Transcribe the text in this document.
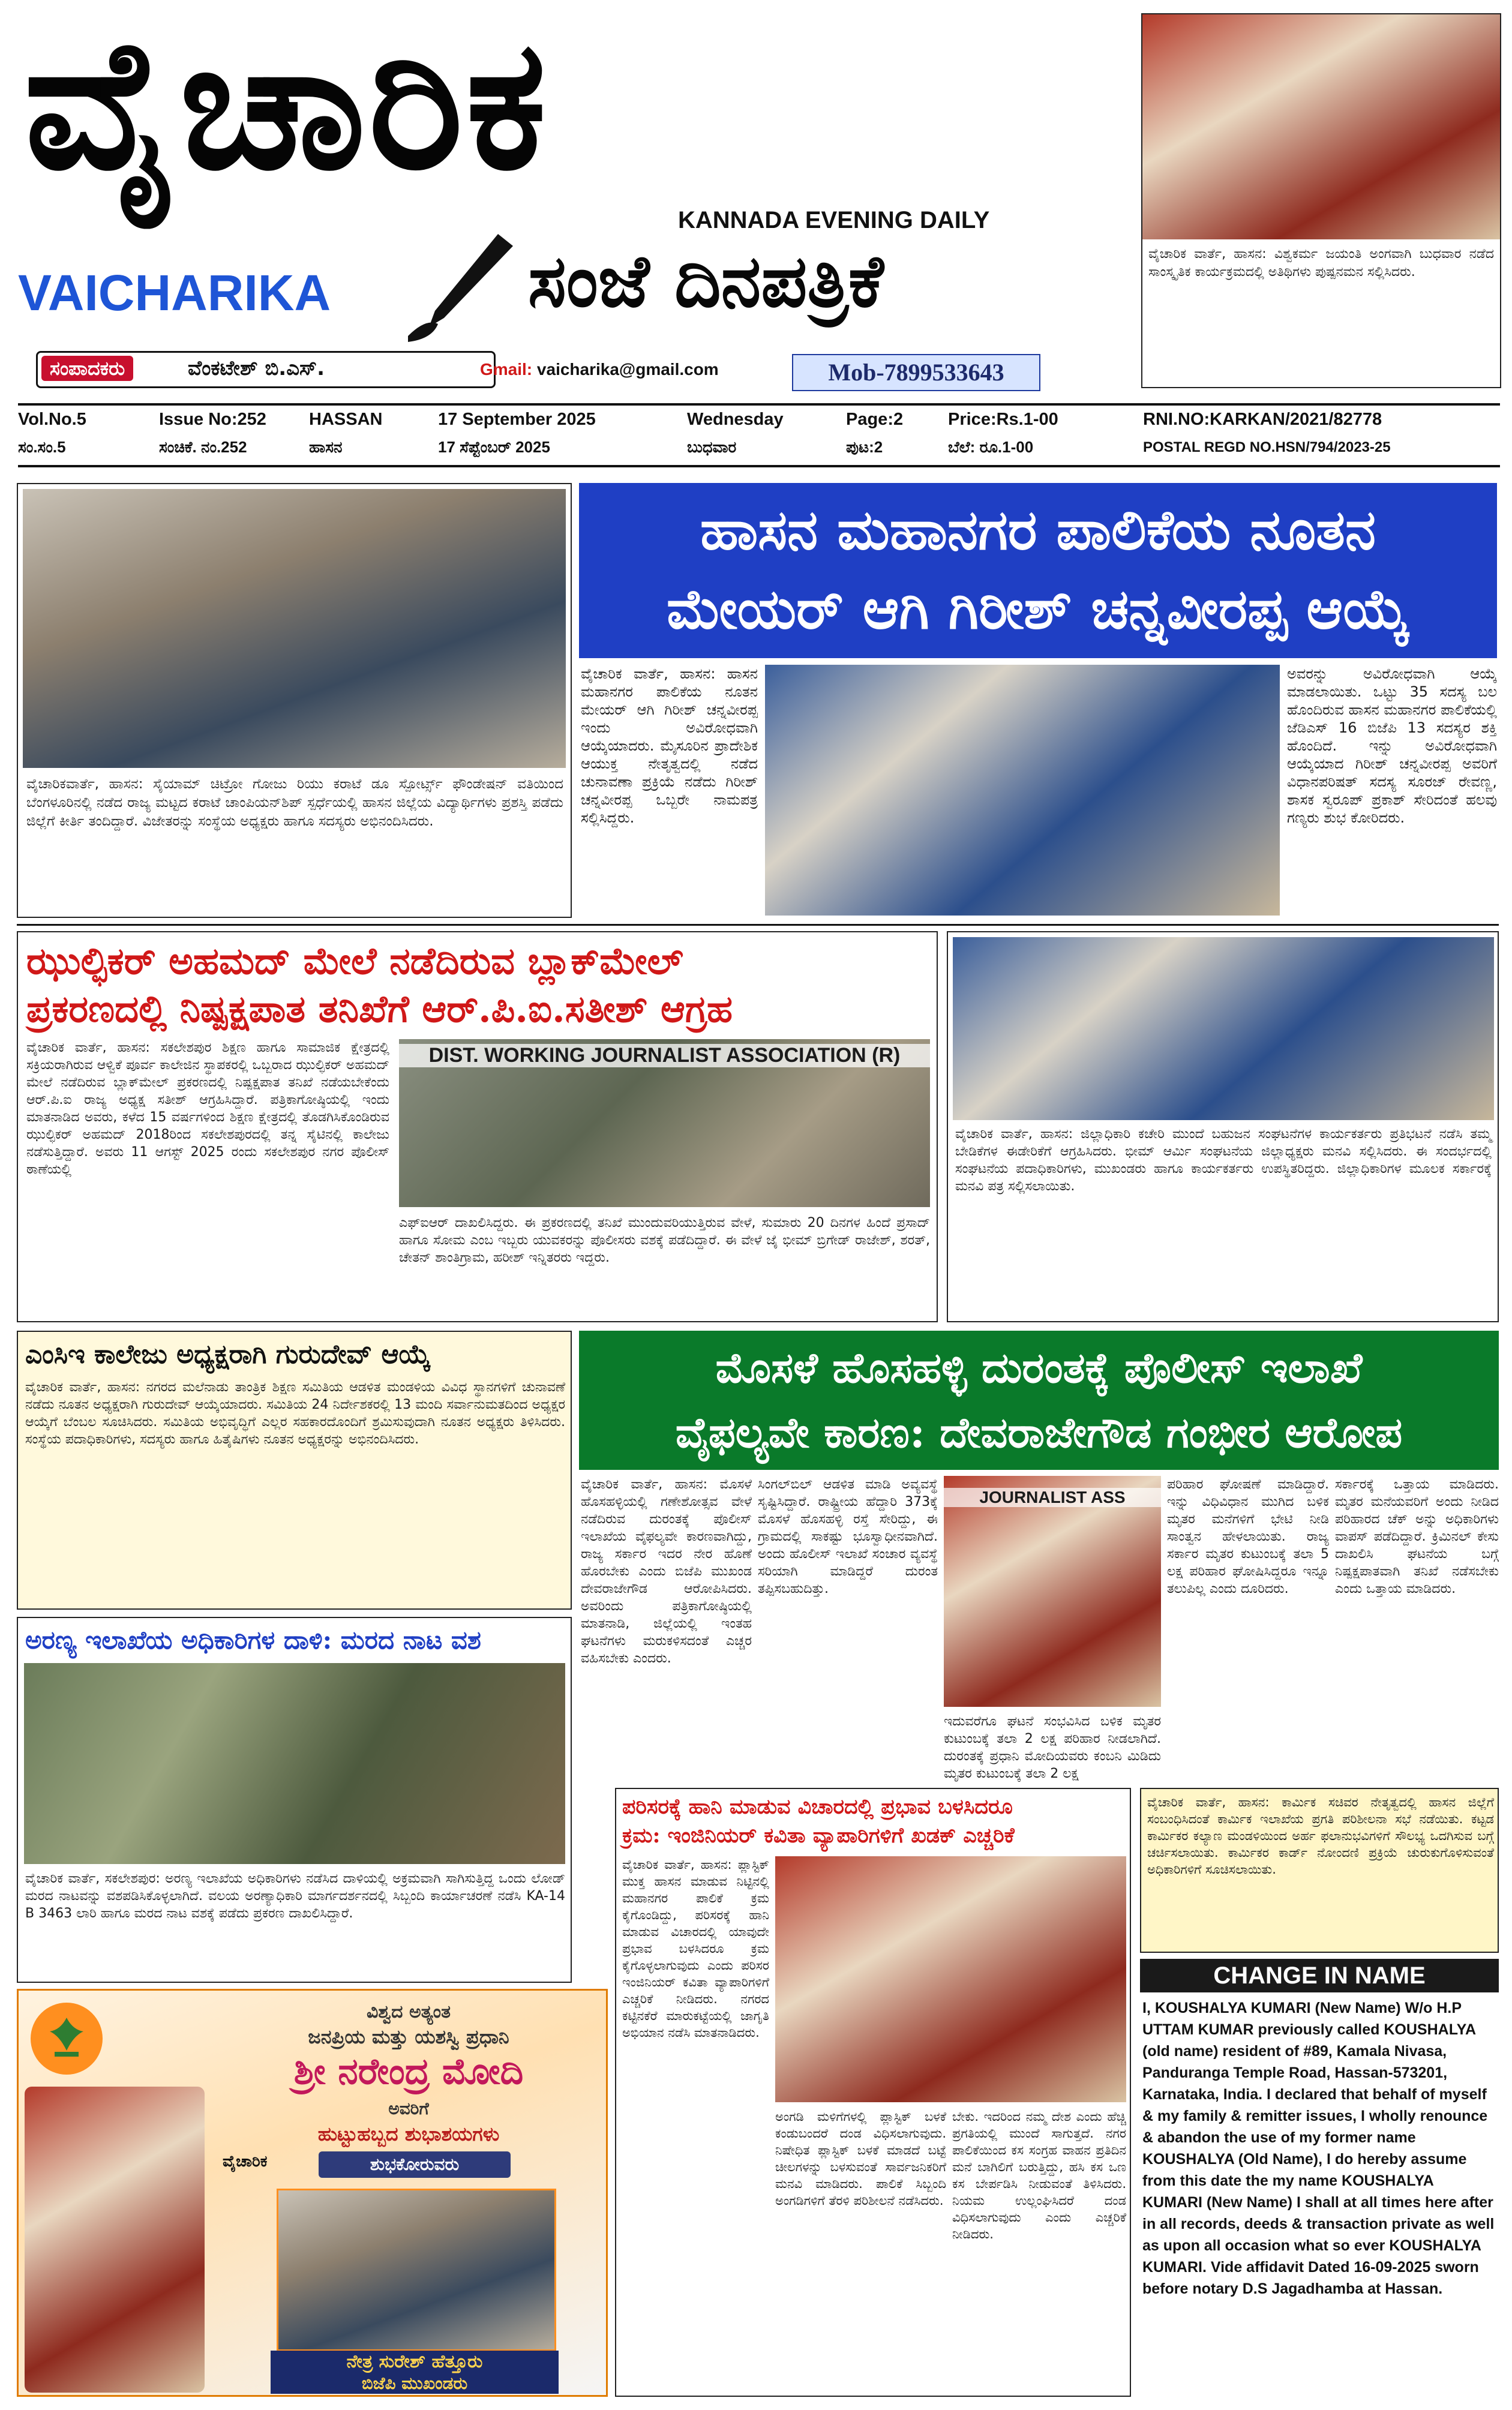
ವೈಚಾರಿಕ
KANNADA EVENING DAILY
VAICHARIKA	ಸಂಜೆ ದಿನಪತ್ರಿಕೆ
ಸಂಪಾದಕರು	ವೆಂಕಟೇಶ್ ಬಿ.ಎಸ್.	Gmail: vaicharika@gmail.com	Mob-7899533643
ವೈಚಾರಿಕ ವಾರ್ತೆ, ಹಾಸನ: ವಿಶ್ವಕರ್ಮ ಜಯಂತಿ ಅಂಗವಾಗಿ ಬುಧವಾರ ನಡೆದ ಸಾಂಸ್ಕೃತಿಕ ಕಾರ್ಯಕ್ರಮದಲ್ಲಿ ಅತಿಥಿಗಳು ಪುಷ್ಪನಮನ ಸಲ್ಲಿಸಿದರು.
Vol.No.5	Issue No:252 HASSAN	17 September 2025	Wednesday	Page:2	Price:Rs.1-00	RNI.NO:KARKAN/2021/82778
ಸಂ.ಸಂ.5	ಸಂಚಿಕೆ. ನಂ.252	ಹಾಸನ	17 ಸೆಪ್ಟೆಂಬರ್ 2025	ಬುಧವಾರ	ಪುಟ:2	ಬೆಲೆ: ರೂ.1-00	POSTAL REGD NO.HSN/794/2023-25
ವೈಚಾರಿಕವಾರ್ತೆ, ಹಾಸನ: ಸೈಯಾಮ್ ಚಿಟ್ರೋ ಗೋಜು ರಿಯು ಕರಾಟೆ ಡೂ ಸ್ಪೋರ್ಟ್ಸ್ ಫೌಂಡೇಷನ್ ವತಿಯಿಂದ ಬೆಂಗಳೂರಿನಲ್ಲಿ ನಡೆದ ರಾಜ್ಯ ಮಟ್ಟದ ಕರಾಟೆ ಚಾಂಪಿಯನ್‌ಶಿಪ್ ಸ್ಪರ್ಧೆಯಲ್ಲಿ ಹಾಸನ ಜಿಲ್ಲೆಯ ವಿದ್ಯಾರ್ಥಿಗಳು ಪ್ರಶಸ್ತಿ ಪಡೆದು ಜಿಲ್ಲೆಗೆ ಕೀರ್ತಿ ತಂದಿದ್ದಾರೆ. ವಿಜೇತರನ್ನು ಸಂಸ್ಥೆಯ ಅಧ್ಯಕ್ಷರು ಹಾಗೂ ಸದಸ್ಯರು ಅಭಿನಂದಿಸಿದರು.
ಹಾಸನ ಮಹಾನಗರ ಪಾಲಿಕೆಯ ನೂತನ
ಮೇಯರ್ ಆಗಿ ಗಿರೀಶ್ ಚನ್ನವೀರಪ್ಪ ಆಯ್ಕೆ
ವೈಚಾರಿಕ ವಾರ್ತೆ, ಹಾಸನ: ಹಾಸನ ಮಹಾನಗರ ಪಾಲಿಕೆಯ ನೂತನ ಮೇಯರ್ ಆಗಿ ಗಿರೀಶ್ ಚನ್ನವೀರಪ್ಪ ಇಂದು ಅವಿರೋಧವಾಗಿ ಆಯ್ಕೆಯಾದರು. ಮೈಸೂರಿನ ಪ್ರಾದೇಶಿಕ ಆಯುಕ್ತ ನೇತೃತ್ವದಲ್ಲಿ ನಡೆದ ಚುನಾವಣಾ ಪ್ರಕ್ರಿಯೆ ನಡೆದು ಗಿರೀಶ್ ಚನ್ನವೀರಪ್ಪ ಒಬ್ಬರೇ ನಾಮಪತ್ರ ಸಲ್ಲಿಸಿದ್ದರು.
ಅವರನ್ನು ಅವಿರೋಧವಾಗಿ ಆಯ್ಕೆ ಮಾಡಲಾಯಿತು. ಒಟ್ಟು 35 ಸದಸ್ಯ ಬಲ ಹೊಂದಿರುವ ಹಾಸನ ಮಹಾನಗರ ಪಾಲಿಕೆಯಲ್ಲಿ ಜೆಡಿಎಸ್ 16 ಬಿಜೆಪಿ 13 ಸದಸ್ಯರ ಶಕ್ತಿ ಹೊಂದಿದೆ. ಇನ್ನು ಅವಿರೋಧವಾಗಿ ಆಯ್ಕೆಯಾದ ಗಿರೀಶ್ ಚನ್ನವೀರಪ್ಪ ಅವರಿಗೆ ವಿಧಾನಪರಿಷತ್ ಸದಸ್ಯ ಸೂರಜ್ ರೇವಣ್ಣ, ಶಾಸಕ ಸ್ವರೂಪ್ ಪ್ರಕಾಶ್ ಸೇರಿದಂತೆ ಹಲವು ಗಣ್ಯರು ಶುಭ ಕೋರಿದರು.
ಝುಲ್ಫಿಕರ್ ಅಹಮದ್ ಮೇಲೆ ನಡೆದಿರುವ ಬ್ಲಾಕ್‌ಮೇಲ್
ಪ್ರಕರಣದಲ್ಲಿ ನಿಷ್ಪಕ್ಷಪಾತ ತನಿಖೆಗೆ ಆರ್.ಪಿ.ಐ.ಸತೀಶ್ ಆಗ್ರಹ
ವೈಚಾರಿಕ ವಾರ್ತೆ, ಹಾಸನ: ಸಕಲೇಶಪುರ ಶಿಕ್ಷಣ ಹಾಗೂ ಸಾಮಾಜಿಕ ಕ್ಷೇತ್ರದಲ್ಲಿ ಸಕ್ರಿಯರಾಗಿರುವ ಆಳ್ವಿಕೆ ಪೂರ್ವ ಕಾಲೇಜಿನ ಸ್ಥಾಪಕರಲ್ಲಿ ಒಬ್ಬರಾದ ಝುಲ್ಫಿಕರ್ ಅಹಮದ್ ಮೇಲೆ ನಡೆದಿರುವ ಬ್ಲಾಕ್‌ಮೇಲ್ ಪ್ರಕರಣದಲ್ಲಿ ನಿಷ್ಪಕ್ಷಪಾತ ತನಿಖೆ ನಡೆಯಬೇಕೆಂದು ಆರ್.ಪಿ.ಐ ರಾಜ್ಯ ಅಧ್ಯಕ್ಷ ಸತೀಶ್ ಆಗ್ರಹಿಸಿದ್ದಾರೆ. ಪತ್ರಿಕಾಗೋಷ್ಠಿಯಲ್ಲಿ ಇಂದು ಮಾತನಾಡಿದ ಅವರು, ಕಳೆದ 15 ವರ್ಷಗಳಿಂದ ಶಿಕ್ಷಣ ಕ್ಷೇತ್ರದಲ್ಲಿ ತೊಡಗಿಸಿಕೊಂಡಿರುವ ಝುಲ್ಫಿಕರ್ ಅಹಮದ್ 2018ರಿಂದ ಸಕಲೇಶಪುರದಲ್ಲಿ ತನ್ನ ಸೈಟಿನಲ್ಲಿ ಕಾಲೇಜು ನಡೆಸುತ್ತಿದ್ದಾರೆ. ಅವರು 11 ಆಗಸ್ಟ್ 2025 ರಂದು ಸಕಲೇಶಪುರ ನಗರ ಪೊಲೀಸ್ ಠಾಣೆಯಲ್ಲಿ
DIST. WORKING JOURNALIST ASSOCIATION (R)
ಎಫ್‌ಐಆರ್ ದಾಖಲಿಸಿದ್ದರು. ಈ ಪ್ರಕರಣದಲ್ಲಿ ತನಿಖೆ ಮುಂದುವರಿಯುತ್ತಿರುವ ವೇಳೆ, ಸುಮಾರು 20 ದಿನಗಳ ಹಿಂದೆ ಪ್ರಸಾದ್ ಹಾಗೂ ಸೋಮ ಎಂಬ ಇಬ್ಬರು ಯುವಕರನ್ನು ಪೊಲೀಸರು ವಶಕ್ಕೆ ಪಡೆದಿದ್ದಾರೆ. ಈ ವೇಳೆ ಜೈ ಭೀಮ್ ಬ್ರಿಗೇಡ್ ರಾಜೇಶ್, ಶರತ್, ಚೇತನ್ ಶಾಂತಿಗ್ರಾಮ, ಹರೀಶ್ ಇನ್ನಿತರರು ಇದ್ದರು.
ವೈಚಾರಿಕ ವಾರ್ತೆ, ಹಾಸನ: ಜಿಲ್ಲಾಧಿಕಾರಿ ಕಚೇರಿ ಮುಂದೆ ಬಹುಜನ ಸಂಘಟನೆಗಳ ಕಾರ್ಯಕರ್ತರು ಪ್ರತಿಭಟನೆ ನಡೆಸಿ ತಮ್ಮ ಬೇಡಿಕೆಗಳ ಈಡೇರಿಕೆಗೆ ಆಗ್ರಹಿಸಿದರು. ಭೀಮ್ ಆರ್ಮಿ ಸಂಘಟನೆಯ ಜಿಲ್ಲಾಧ್ಯಕ್ಷರು ಮನವಿ ಸಲ್ಲಿಸಿದರು. ಈ ಸಂದರ್ಭದಲ್ಲಿ ಸಂಘಟನೆಯ ಪದಾಧಿಕಾರಿಗಳು, ಮುಖಂಡರು ಹಾಗೂ ಕಾರ್ಯಕರ್ತರು ಉಪಸ್ಥಿತರಿದ್ದರು. ಜಿಲ್ಲಾಧಿಕಾರಿಗಳ ಮೂಲಕ ಸರ್ಕಾರಕ್ಕೆ ಮನವಿ ಪತ್ರ ಸಲ್ಲಿಸಲಾಯಿತು.
ಎಂಸಿಇ ಕಾಲೇಜು ಅಧ್ಯಕ್ಷರಾಗಿ ಗುರುದೇವ್ ಆಯ್ಕೆ
ವೈಚಾರಿಕ ವಾರ್ತೆ, ಹಾಸನ: ನಗರದ ಮಲೆನಾಡು ತಾಂತ್ರಿಕ ಶಿಕ್ಷಣ ಸಮಿತಿಯ ಆಡಳಿತ ಮಂಡಳಿಯ ವಿವಿಧ ಸ್ಥಾನಗಳಿಗೆ ಚುನಾವಣೆ ನಡೆದು ನೂತನ ಅಧ್ಯಕ್ಷರಾಗಿ ಗುರುದೇವ್ ಆಯ್ಕೆಯಾದರು. ಸಮಿತಿಯ 24 ನಿರ್ದೇಶಕರಲ್ಲಿ 13 ಮಂದಿ ಸರ್ವಾನುಮತದಿಂದ ಅಧ್ಯಕ್ಷರ ಆಯ್ಕೆಗೆ ಬೆಂಬಲ ಸೂಚಿಸಿದರು. ಸಮಿತಿಯ ಅಭಿವೃದ್ಧಿಗೆ ಎಲ್ಲರ ಸಹಕಾರದೊಂದಿಗೆ ಶ್ರಮಿಸುವುದಾಗಿ ನೂತನ ಅಧ್ಯಕ್ಷರು ತಿಳಿಸಿದರು. ಸಂಸ್ಥೆಯ ಪದಾಧಿಕಾರಿಗಳು, ಸದಸ್ಯರು ಹಾಗೂ ಹಿತೈಷಿಗಳು ನೂತನ ಅಧ್ಯಕ್ಷರನ್ನು ಅಭಿನಂದಿಸಿದರು.
ಅರಣ್ಯ ಇಲಾಖೆಯ ಅಧಿಕಾರಿಗಳ ದಾಳಿ: ಮರದ ನಾಟ ವಶ
ವೈಚಾರಿಕ ವಾರ್ತೆ, ಸಕಲೇಶಪುರ: ಅರಣ್ಯ ಇಲಾಖೆಯ ಅಧಿಕಾರಿಗಳು ನಡೆಸಿದ ದಾಳಿಯಲ್ಲಿ ಅಕ್ರಮವಾಗಿ ಸಾಗಿಸುತ್ತಿದ್ದ ಒಂದು ಲೋಡ್ ಮರದ ನಾಟವನ್ನು ವಶಪಡಿಸಿಕೊಳ್ಳಲಾಗಿದೆ. ವಲಯ ಅರಣ್ಯಾಧಿಕಾರಿ ಮಾರ್ಗದರ್ಶನದಲ್ಲಿ ಸಿಬ್ಬಂದಿ ಕಾರ್ಯಾಚರಣೆ ನಡೆಸಿ KA-14 B 3463 ಲಾರಿ ಹಾಗೂ ಮರದ ನಾಟ ವಶಕ್ಕೆ ಪಡೆದು ಪ್ರಕರಣ ದಾಖಲಿಸಿದ್ದಾರೆ.
ಮೊಸಳೆ ಹೊಸಹಳ್ಳಿ ದುರಂತಕ್ಕೆ ಪೊಲೀಸ್ ಇಲಾಖೆ
ವೈಫಲ್ಯವೇ ಕಾರಣ: ದೇವರಾಜೇಗೌಡ ಗಂಭೀರ ಆರೋಪ
ವೈಚಾರಿಕ ವಾರ್ತೆ, ಹಾಸನ: ಮೊಸಳೆ ಹೊಸಹಳ್ಳಿಯಲ್ಲಿ ಗಣೇಶೋತ್ಸವ ವೇಳೆ ನಡೆದಿರುವ ದುರಂತಕ್ಕೆ ಪೊಲೀಸ್ ಇಲಾಖೆಯ ವೈಫಲ್ಯವೇ ಕಾರಣವಾಗಿದ್ದು, ರಾಜ್ಯ ಸರ್ಕಾರ ಇದರ ನೇರ ಹೊಣೆ ಹೊರಬೇಕು ಎಂದು ಬಿಜೆಪಿ ಮುಖಂಡ ದೇವರಾಜೇಗೌಡ ಆರೋಪಿಸಿದರು. ಅವರಿಂದು ಪತ್ರಿಕಾಗೋಷ್ಠಿಯಲ್ಲಿ ಮಾತನಾಡಿ, ಜಿಲ್ಲೆಯಲ್ಲಿ ಇಂತಹ ಘಟನೆಗಳು ಮರುಕಳಿಸದಂತೆ ಎಚ್ಚರ ವಹಿಸಬೇಕು ಎಂದರು.
ಸಿಂಗಲ್‌ಬಿಲ್ ಆಡಳಿತ ಮಾಡಿ ಅವ್ಯವಸ್ಥೆ ಸೃಷ್ಟಿಸಿದ್ದಾರೆ. ರಾಷ್ಟ್ರೀಯ ಹೆದ್ದಾರಿ 373ಕ್ಕೆ ಮೊಸಳೆ ಹೊಸಹಳ್ಳಿ ರಸ್ತೆ ಸೇರಿದ್ದು, ಈ ಗ್ರಾಮದಲ್ಲಿ ಸಾಕಷ್ಟು ಭೂಸ್ವಾಧೀನವಾಗಿದೆ. ಅಂದು ಹೊಲೀಸ್ ಇಲಾಖೆ ಸಂಚಾರ ವ್ಯವಸ್ಥೆ ಸರಿಯಾಗಿ ಮಾಡಿದ್ದರೆ ದುರಂತ ತಪ್ಪಿಸಬಹುದಿತ್ತು.
JOURNALIST ASS
ಇದುವರೆಗೂ ಘಟನೆ ಸಂಭವಿಸಿದ ಬಳಿಕ ಮೃತರ ಕುಟುಂಬಕ್ಕೆ ತಲಾ 2 ಲಕ್ಷ ಪರಿಹಾರ ನೀಡಲಾಗಿದೆ. ದುರಂತಕ್ಕೆ ಪ್ರಧಾನಿ ಮೋದಿಯವರು ಕಂಬನಿ ಮಿಡಿದು ಮೃತರ ಕುಟುಂಬಕ್ಕೆ ತಲಾ 2 ಲಕ್ಷ
ಪರಿಹಾರ ಘೋಷಣೆ ಮಾಡಿದ್ದಾರೆ. ಇನ್ನು ವಿಧಿವಿಧಾನ ಮುಗಿದ ಬಳಿಕ ಮೃತರ ಮನೆಗಳಿಗೆ ಭೇಟಿ ನೀಡಿ ಸಾಂತ್ವನ ಹೇಳಲಾಯಿತು. ರಾಜ್ಯ ಸರ್ಕಾರ ಮೃತರ ಕುಟುಂಬಕ್ಕೆ ತಲಾ 5 ಲಕ್ಷ ಪರಿಹಾರ ಘೋಷಿಸಿದ್ದರೂ ಇನ್ನೂ ತಲುಪಿಲ್ಲ ಎಂದು ದೂರಿದರು.
ಸರ್ಕಾರಕ್ಕೆ ಒತ್ತಾಯ ಮಾಡಿದರು. ಮೃತರ ಮನೆಯವರಿಗೆ ಅಂದು ನೀಡಿದ ಪರಿಹಾರದ ಚೆಕ್ ಅನ್ನು ಅಧಿಕಾರಿಗಳು ವಾಪಸ್ ಪಡೆದಿದ್ದಾರೆ. ಕ್ರಿಮಿನಲ್ ಕೇಸು ದಾಖಲಿಸಿ ಘಟನೆಯ ಬಗ್ಗೆ ನಿಷ್ಪಕ್ಷಪಾತವಾಗಿ ತನಿಖೆ ನಡೆಸಬೇಕು ಎಂದು ಒತ್ತಾಯ ಮಾಡಿದರು.
ಪರಿಸರಕ್ಕೆ ಹಾನಿ ಮಾಡುವ ವಿಚಾರದಲ್ಲಿ ಪ್ರಭಾವ ಬಳಸಿದರೂ
ಕ್ರಮ: ಇಂಜಿನಿಯರ್ ಕವಿತಾ ವ್ಯಾಪಾರಿಗಳಿಗೆ ಖಡಕ್ ಎಚ್ಚರಿಕೆ
ವೈಚಾರಿಕ ವಾರ್ತೆ, ಹಾಸನ: ಪ್ಲಾಸ್ಟಿಕ್ ಮುಕ್ತ ಹಾಸನ ಮಾಡುವ ನಿಟ್ಟಿನಲ್ಲಿ ಮಹಾನಗರ ಪಾಲಿಕೆ ಕ್ರಮ ಕೈಗೊಂಡಿದ್ದು, ಪರಿಸರಕ್ಕೆ ಹಾನಿ ಮಾಡುವ ವಿಚಾರದಲ್ಲಿ ಯಾವುದೇ ಪ್ರಭಾವ ಬಳಸಿದರೂ ಕ್ರಮ ಕೈಗೊಳ್ಳಲಾಗುವುದು ಎಂದು ಪರಿಸರ ಇಂಜಿನಿಯರ್ ಕವಿತಾ ವ್ಯಾಪಾರಿಗಳಿಗೆ ಎಚ್ಚರಿಕೆ ನೀಡಿದರು. ನಗರದ ಕಟ್ಟಿನಕೆರೆ ಮಾರುಕಟ್ಟೆಯಲ್ಲಿ ಜಾಗೃತಿ ಅಭಿಯಾನ ನಡೆಸಿ ಮಾತನಾಡಿದರು.
ಅಂಗಡಿ ಮಳಿಗೆಗಳಲ್ಲಿ ಪ್ಲಾಸ್ಟಿಕ್ ಬಳಕೆ ಕಂಡುಬಂದರೆ ದಂಡ ವಿಧಿಸಲಾಗುವುದು. ನಿಷೇಧಿತ ಪ್ಲಾಸ್ಟಿಕ್ ಬಳಕೆ ಮಾಡದೆ ಬಟ್ಟೆ ಚೀಲಗಳನ್ನು ಬಳಸುವಂತೆ ಸಾರ್ವಜನಿಕರಿಗೆ ಮನವಿ ಮಾಡಿದರು. ಪಾಲಿಕೆ ಸಿಬ್ಬಂದಿ ಅಂಗಡಿಗಳಿಗೆ ತೆರಳಿ ಪರಿಶೀಲನೆ ನಡೆಸಿದರು.
ಬೇಕು. ಇದರಿಂದ ನಮ್ಮ ದೇಶ ಎಂದು ಹೆಚ್ಚಿ ಪ್ರಗತಿಯಲ್ಲಿ ಮುಂದೆ ಸಾಗುತ್ತದೆ. ನಗರ ಪಾಲಿಕೆಯಿಂದ ಕಸ ಸಂಗ್ರಹ ವಾಹನ ಪ್ರತಿದಿನ ಮನೆ ಬಾಗಿಲಿಗೆ ಬರುತ್ತಿದ್ದು, ಹಸಿ ಕಸ ಒಣ ಕಸ ಬೇರ್ಪಡಿಸಿ ನೀಡುವಂತೆ ತಿಳಿಸಿದರು. ನಿಯಮ ಉಲ್ಲಂಘಿಸಿದರೆ ದಂಡ ವಿಧಿಸಲಾಗುವುದು ಎಂದು ಎಚ್ಚರಿಕೆ ನೀಡಿದರು.
ವೈಚಾರಿಕ ವಾರ್ತೆ, ಹಾಸನ: ಕಾರ್ಮಿಕ ಸಚಿವರ ನೇತೃತ್ವದಲ್ಲಿ ಹಾಸನ ಜಿಲ್ಲೆಗೆ ಸಂಬಂಧಿಸಿದಂತೆ ಕಾರ್ಮಿಕ ಇಲಾಖೆಯ ಪ್ರಗತಿ ಪರಿಶೀಲನಾ ಸಭೆ ನಡೆಯಿತು. ಕಟ್ಟಡ ಕಾರ್ಮಿಕರ ಕಲ್ಯಾಣ ಮಂಡಳಿಯಿಂದ ಅರ್ಹ ಫಲಾನುಭವಿಗಳಿಗೆ ಸೌಲಭ್ಯ ಒದಗಿಸುವ ಬಗ್ಗೆ ಚರ್ಚಿಸಲಾಯಿತು. ಕಾರ್ಮಿಕರ ಕಾರ್ಡ್ ನೋಂದಣಿ ಪ್ರಕ್ರಿಯೆ ಚುರುಕುಗೊಳಿಸುವಂತೆ ಅಧಿಕಾರಿಗಳಿಗೆ ಸೂಚಿಸಲಾಯಿತು.
CHANGE IN NAME
I, KOUSHALYA KUMARI (New Name) W/o H.P UTTAM KUMAR previously called KOUSHALYA (old name) resident of #89, Kamala Nivasa, Panduranga Temple Road, Hassan-573201, Karnataka, India. I declared that behalf of myself & my family & remitter issues, I wholly renounce & abandon the use of my former name KOUSHALYA (Old Name), I do hereby assume from this date the my name KOUSHALYA KUMARI (New Name) I shall at all times here after in all records, deeds & transaction private as well as upon all occasion what so ever KOUSHALYA KUMARI. Vide affidavit Dated 16-09-2025 sworn before notary D.S Jagadhamba at Hassan.
ವಿಶ್ವದ ಅತ್ಯಂತ
ಜನಪ್ರಿಯ ಮತ್ತು ಯಶಸ್ವಿ ಪ್ರಧಾನಿ
ಶ್ರೀ ನರೇಂದ್ರ ಮೋದಿ
ಅವರಿಗೆ
ಹುಟ್ಟುಹಬ್ಬದ ಶುಭಾಶಯಗಳು
ವೈಚಾರಿಕ	ಶುಭಕೋರುವರು
ನೇತ್ರ ಸುರೇಶ್ ಹೆತ್ತೂರು
ಬಿಜೆಪಿ ಮುಖಂಡರು
